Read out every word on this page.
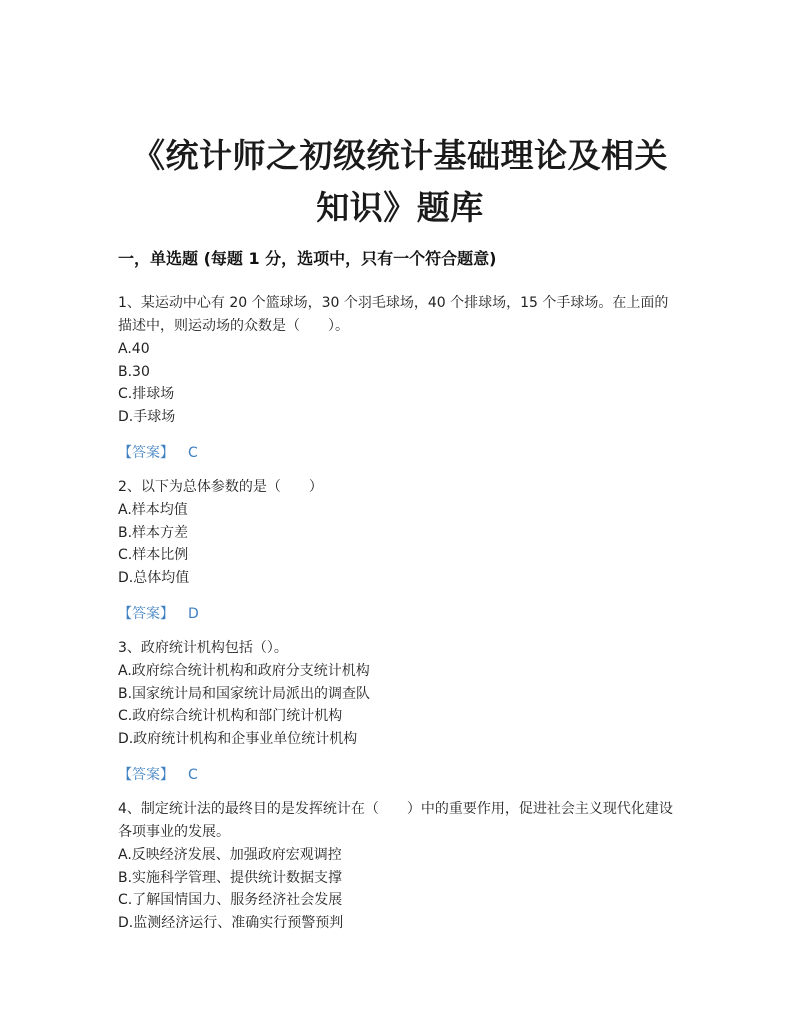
《统计师之初级统计基础理论及相关
知识》题库
一，单选题 (每题 1 分，选项中，只有一个符合题意)

1、某运动中心有 20 个篮球场，30 个羽毛球场，40 个排球场，15 个手球场。在上面的描述中，则运动场的众数是（　　）。

A.40
B.30
C.排球场
D.手球场
【答案】 C

2、以下为总体参数的是（　　）

A.样本均值
B.样本方差
C.样本比例
D.总体均值
【答案】 D

3、政府统计机构包括（）。

A.政府综合统计机构和政府分支统计机构
B.国家统计局和国家统计局派出的调查队
C.政府综合统计机构和部门统计机构
D.政府统计机构和企事业单位统计机构
【答案】 C

4、制定统计法的最终目的是发挥统计在（　　）中的重要作用，促进社会主义现代化建设各项事业的发展。

A.反映经济发展、加强政府宏观调控
B.实施科学管理、提供统计数据支撑
C.了解国情国力、服务经济社会发展
D.监测经济运行、准确实行预警预判
